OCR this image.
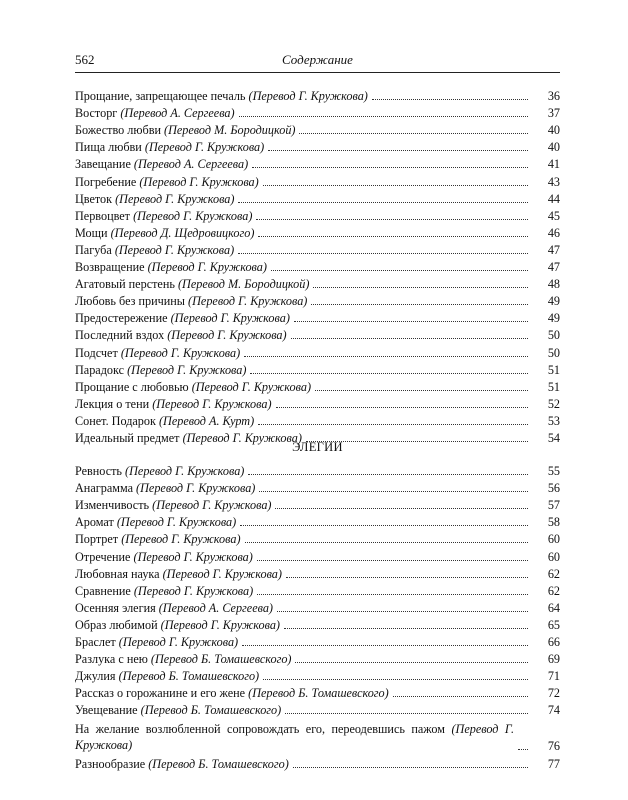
562	Содержание
Прощание, запрещающее печаль (Перевод Г. Кружкова)	36
Восторг (Перевод А. Сергеева)	37
Божество любви (Перевод М. Бородицкой)	40
Пища любви (Перевод Г. Кружкова)	40
Завещание (Перевод А. Сергеева)	41
Погребение (Перевод Г. Кружкова)	43
Цветок (Перевод Г. Кружкова)	44
Первоцвет (Перевод Г. Кружкова)	45
Мощи (Перевод Д. Щедровицкого)	46
Пагуба (Перевод Г. Кружкова)	47
Возвращение (Перевод Г. Кружкова)	47
Агатовый перстень (Перевод М. Бородицкой)	48
Любовь без причины (Перевод Г. Кружкова)	49
Предостережение (Перевод Г. Кружкова)	49
Последний вздох (Перевод Г. Кружкова)	50
Подсчет (Перевод Г. Кружкова)	50
Парадокс (Перевод Г. Кружкова)	51
Прощание с любовью (Перевод Г. Кружкова)	51
Лекция о тени (Перевод Г. Кружкова)	52
Сонет. Подарок (Перевод А. Курт)	53
Идеальный предмет (Перевод Г. Кружкова)	54
ЭЛЕГИИ
Ревность (Перевод Г. Кружкова)	55
Анаграмма (Перевод Г. Кружкова)	56
Изменчивость (Перевод Г. Кружкова)	57
Аромат (Перевод Г. Кружкова)	58
Портрет (Перевод Г. Кружкова)	60
Отречение (Перевод Г. Кружкова)	60
Любовная наука (Перевод Г. Кружкова)	62
Сравнение (Перевод Г. Кружкова)	62
Осенняя элегия (Перевод А. Сергеева)	64
Образ любимой (Перевод Г. Кружкова)	65
Браслет (Перевод Г. Кружкова)	66
Разлука с нею (Перевод Б. Томашевского)	69
Джулия (Перевод Б. Томашевского)	71
Рассказ о горожанине и его жене (Перевод Б. Томашевского)	72
Увещевание (Перевод Б. Томашевского)	74
На желание возлюбленной сопровождать его, переодевшись пажом (Перевод Г. Кружкова)	76
Разнообразие (Перевод Б. Томашевского)	77
